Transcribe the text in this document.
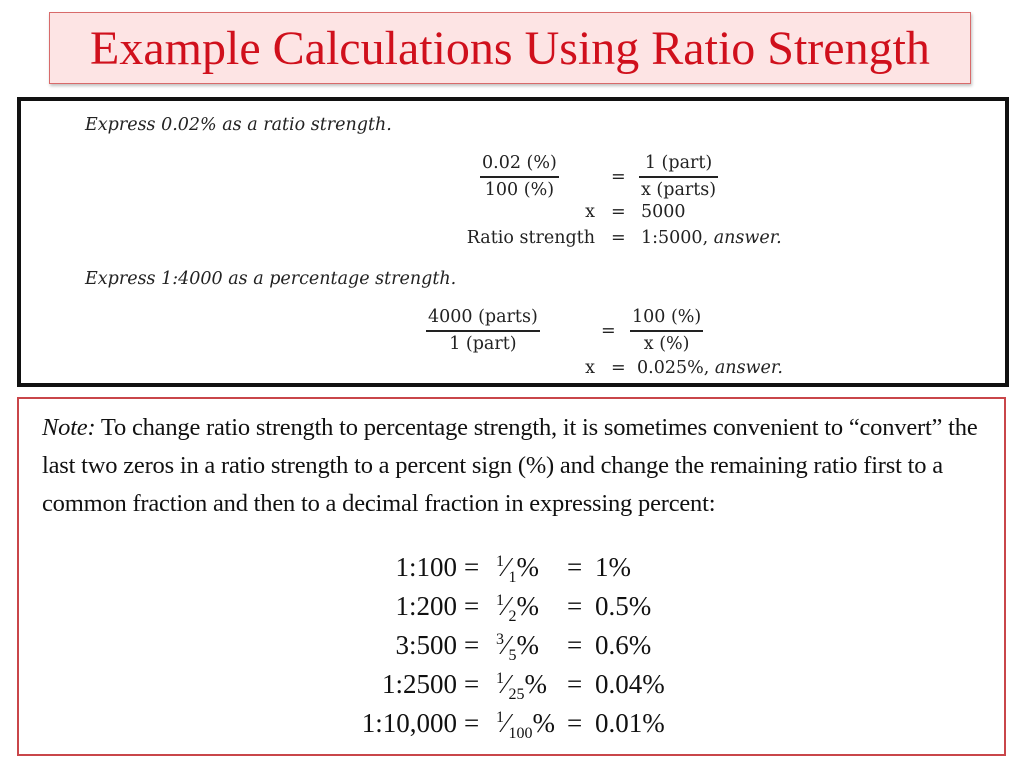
Example Calculations Using Ratio Strength
Express 0.02% as a ratio strength.
0.02 (%)
100 (%)
=
1 (part)
x (parts)
x = 5000
Ratio strength = 1:5000, answer.
Express 1:4000 as a percentage strength.
4000 (parts)
1 (part)
=
100 (%)
x (%)
x = 0.025%, answer.
Note: To change ratio strength to percentage strength, it is sometimes convenient to “convert” the last two zeros in a ratio strength to a percent sign (%) and change the remaining ratio first to a common fraction and then to a decimal fraction in expressing percent:
1:100 = $^1⁄_1\% = 1\%$
1:200 = $^1⁄_2\% = 0.5\%$
3:500 = $^3⁄_5\% = 0.6\%$
1:2500 = $^1⁄_{25}\% = 0.04\%$
1:10,000 = $^1⁄_{100}\% = 0.01\%$
